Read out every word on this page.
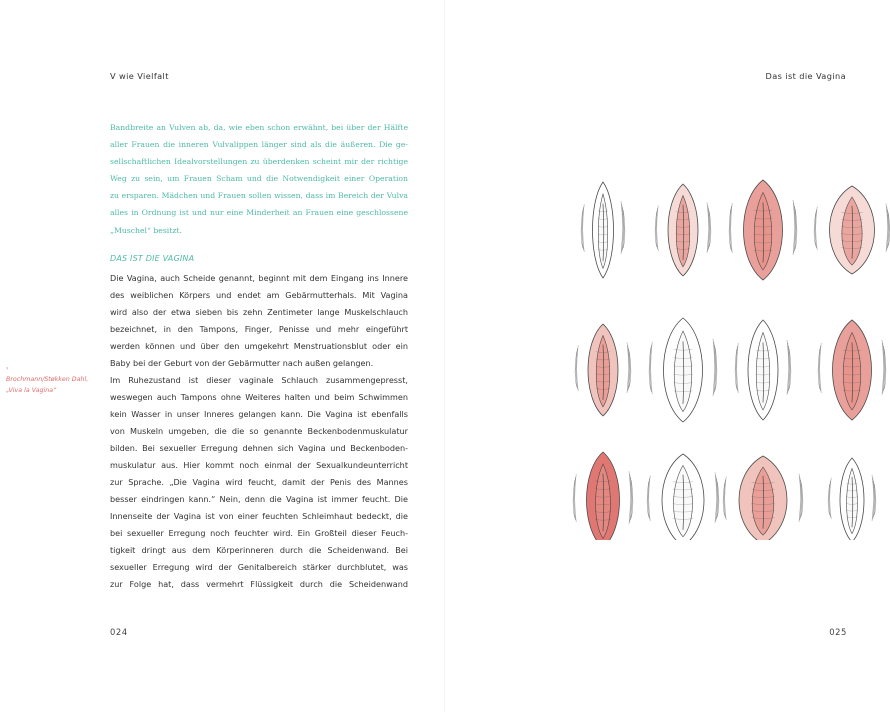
V wie Vielfalt
Bandbreite an Vulven ab, da, wie eben schon erwähnt, bei über der Hälfte
aller Frauen die inneren Vulvalippen länger sind als die äußeren. Die ge-
sellschaftlichen Idealvorstellungen zu überdenken scheint mir der richtige
Weg zu sein, um Frauen Scham und die Notwendigkeit einer Operation
zu ersparen. Mädchen und Frauen sollen wissen, dass im Bereich der Vulva
alles in Ordnung ist und nur eine Minderheit an Frauen eine geschlossene
„Muschel“ besitzt.
DAS IST DIE VAGINA
Die Vagina, auch Scheide genannt, beginnt mit dem Eingang ins Innere
des weiblichen Körpers und endet am Gebärmutterhals. Mit Vagina
wird also der etwa sieben bis zehn Zentimeter lange Muskelschlauch
bezeichnet, in den Tampons, Finger, Penisse und mehr eingeführt
werden können und über den umgekehrt Menstruationsblut oder ein
Baby bei der Geburt von der Gebärmutter nach außen gelangen.
Im Ruhezustand ist dieser vaginale Schlauch zusammengepresst,
weswegen auch Tampons ohne Weiteres halten und beim Schwimmen
kein Wasser in unser Inneres gelangen kann. Die Vagina ist ebenfalls
von Muskeln umgeben, die die so genannte Beckenbodenmuskulatur
bilden. Bei sexueller Erregung dehnen sich Vagina und Beckenboden-
muskulatur aus. Hier kommt noch einmal der Sexualkundeunterricht
zur Sprache. „Die Vagina wird feucht, damit der Penis des Mannes
besser eindringen kann.“ Nein, denn die Vagina ist immer feucht. Die
Innenseite der Vagina ist von einer feuchten Schleimhaut bedeckt, die
bei sexueller Erregung noch feuchter wird. Ein Großteil dieser Feuch-
tigkeit dringt aus dem Körperinneren durch die Scheidenwand. Bei
sexueller Erregung wird der Genitalbereich stärker durchblutet, was
zur Folge hat, dass vermehrt Flüssigkeit durch die Scheidenwand
›
Brochmann/Støkken Dahl,
„Viva la Vagina“
024
Das ist die Vagina
025
